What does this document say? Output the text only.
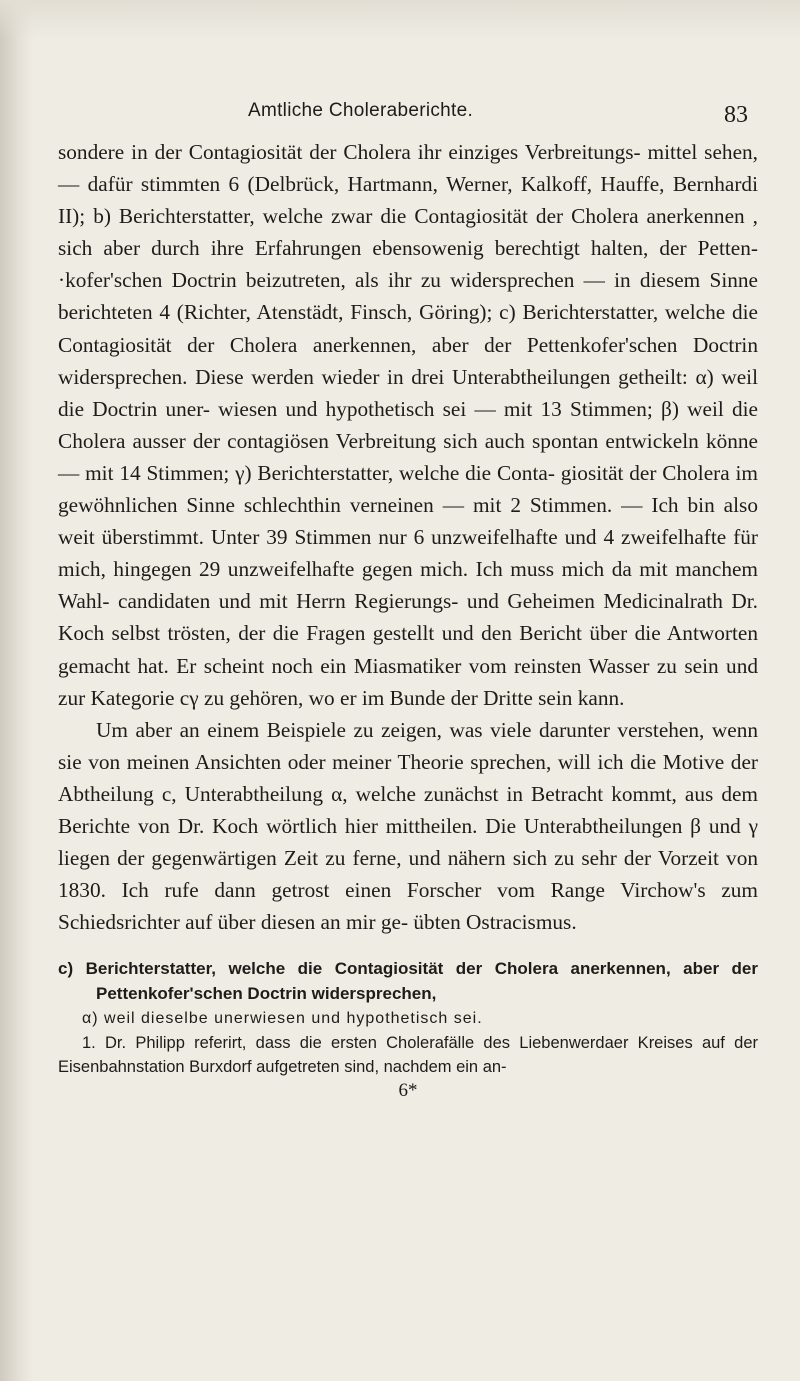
Amtliche Choleraberichte.	83

sondere in der Contagiosität der Cholera ihr einziges Verbreitungs- mittel sehen, — dafür stimmten 6 (Delbrück, Hartmann, Werner, Kalkoff, Hauffe, Bernhardi II); b) Berichterstatter, welche zwar die Contagiosität der Cholera anerkennen , sich aber durch ihre Erfahrungen ebensowenig berechtigt halten, der Petten- ·kofer'schen Doctrin beizutreten, als ihr zu widersprechen — in diesem Sinne berichteten 4 (Richter, Atenstädt, Finsch, Göring); c) Berichterstatter, welche die Contagiosität der Cholera anerkennen, aber der Pettenkofer'schen Doctrin widersprechen. Diese werden wieder in drei Unterabtheilungen getheilt: α) weil die Doctrin uner- wiesen und hypothetisch sei — mit 13 Stimmen; β) weil die Cholera ausser der contagiösen Verbreitung sich auch spontan entwickeln könne — mit 14 Stimmen; γ) Berichterstatter, welche die Conta- giosität der Cholera im gewöhnlichen Sinne schlechthin verneinen — mit 2 Stimmen. — Ich bin also weit überstimmt. Unter 39 Stimmen nur 6 unzweifelhafte und 4 zweifelhafte für mich, hingegen 29 unzweifelhafte gegen mich. Ich muss mich da mit manchem Wahl- candidaten und mit Herrn Regierungs- und Geheimen Medicinalrath Dr. Koch selbst trösten, der die Fragen gestellt und den Bericht über die Antworten gemacht hat. Er scheint noch ein Miasmatiker vom reinsten Wasser zu sein und zur Kategorie cγ zu gehören, wo er im Bunde der Dritte sein kann.

Um aber an einem Beispiele zu zeigen, was viele darunter verstehen, wenn sie von meinen Ansichten oder meiner Theorie sprechen, will ich die Motive der Abtheilung c, Unterabtheilung α, welche zunächst in Betracht kommt, aus dem Berichte von Dr. Koch wörtlich hier mittheilen. Die Unterabtheilungen β und γ liegen der gegenwärtigen Zeit zu ferne, und nähern sich zu sehr der Vorzeit von 1830. Ich rufe dann getrost einen Forscher vom Range Virchow's zum Schiedsrichter auf über diesen an mir ge- übten Ostracismus.

c) Berichterstatter, welche die Contagiosität der Cholera anerkennen, aber der Pettenkofer'schen Doctrin widersprechen,

α) weil dieselbe unerwiesen und hypothetisch sei.

1. Dr. Philipp referirt, dass die ersten Cholerafälle des Liebenwerdaer Kreises auf der Eisenbahnstation Burxdorf aufgetreten sind, nachdem ein an-

6*
